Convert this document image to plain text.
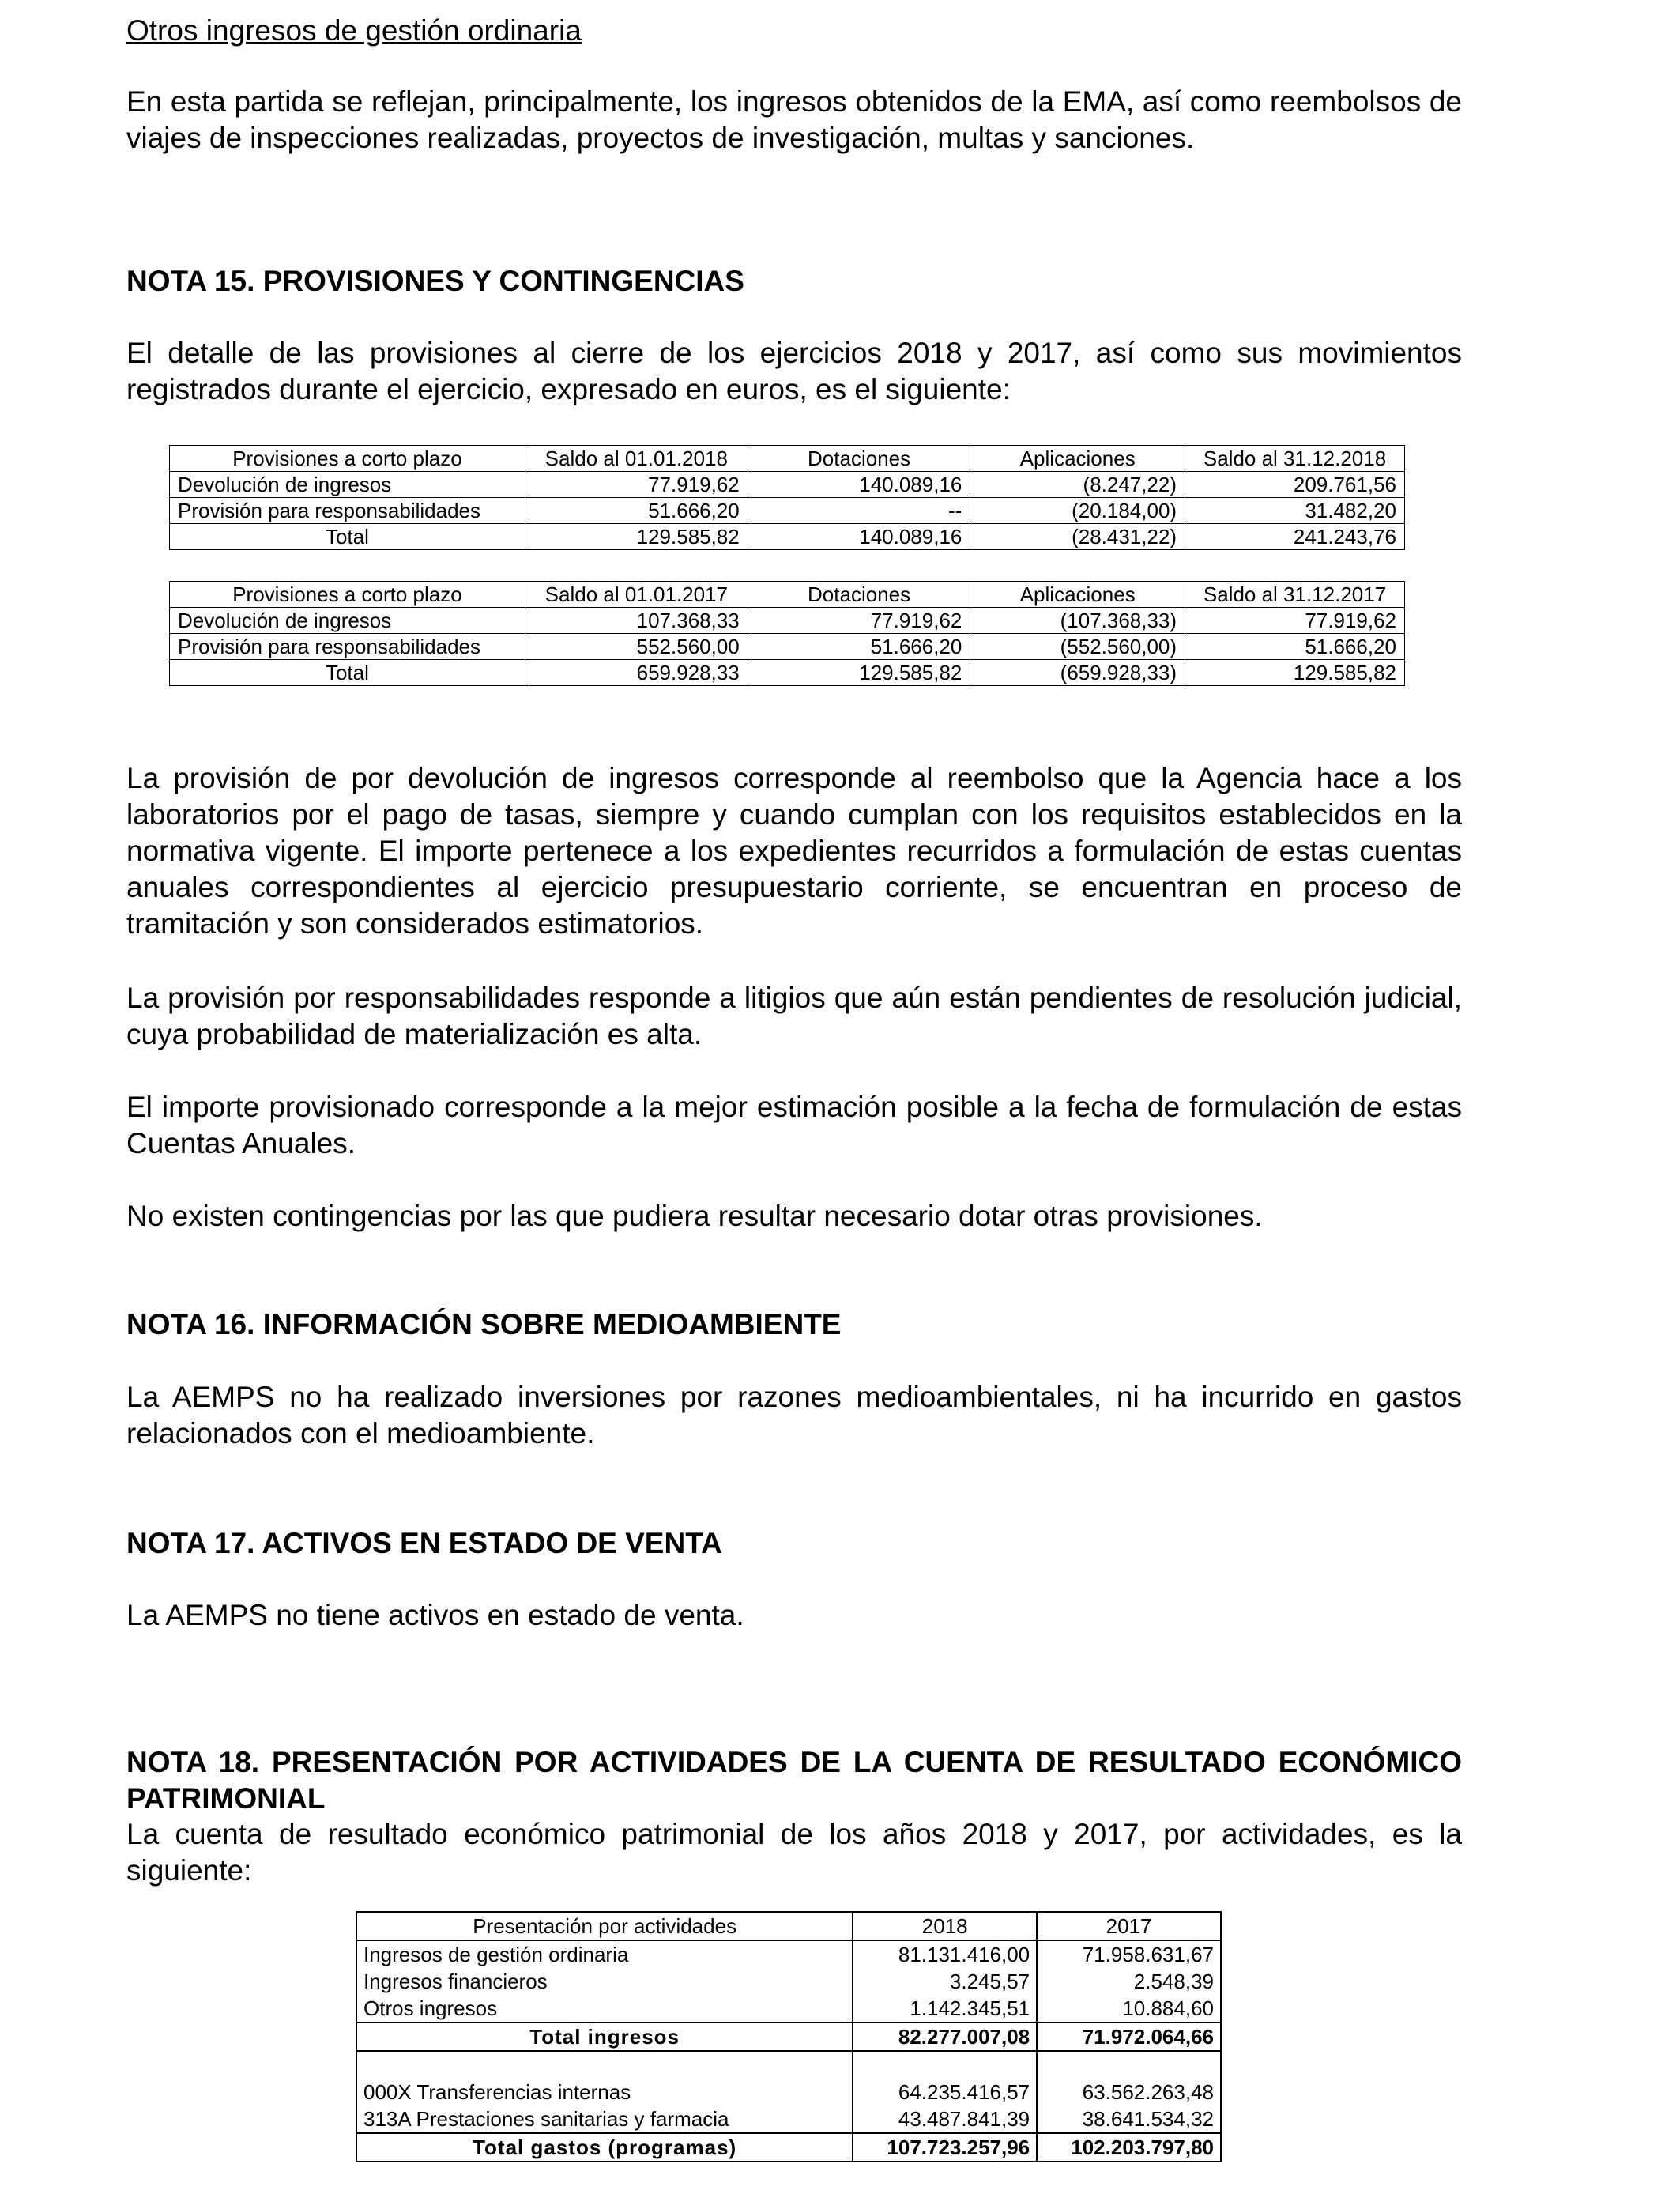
Otros ingresos de gestión ordinaria

En esta partida se reflejan, principalmente, los ingresos obtenidos de la EMA, así como reembolsos de viajes de inspecciones realizadas, proyectos de investigación, multas y sanciones.

NOTA 15. PROVISIONES Y CONTINGENCIAS

El detalle de las provisiones al cierre de los ejercicios 2018 y 2017, así como sus movimientos registrados durante el ejercicio, expresado en euros, es el siguiente:

La provisión de por devolución de ingresos corresponde al reembolso que la Agencia hace a los laboratorios por el pago de tasas, siempre y cuando cumplan con los requisitos establecidos en la normativa vigente. El importe pertenece a los expedientes recurridos a formulación de estas cuentas anuales correspondientes al ejercicio presupuestario corriente, se encuentran en proceso de tramitación y son considerados estimatorios.

La provisión por responsabilidades responde a litigios que aún están pendientes de resolución judicial, cuya probabilidad de materialización es alta.

El importe provisionado corresponde a la mejor estimación posible a la fecha de formulación de estas Cuentas Anuales.

No existen contingencias por las que pudiera resultar necesario dotar otras provisiones.

NOTA 16. INFORMACIÓN SOBRE MEDIOAMBIENTE

La AEMPS no ha realizado inversiones por razones medioambientales, ni ha incurrido en gastos relacionados con el medioambiente.

NOTA 17. ACTIVOS EN ESTADO DE VENTA

La AEMPS no tiene activos en estado de venta.

NOTA 18. PRESENTACIÓN POR ACTIVIDADES DE LA CUENTA DE RESULTADO ECONÓMICO PATRIMONIAL

La cuenta de resultado económico patrimonial de los años 2018 y 2017, por actividades, es la siguiente:

Provisiones a corto plazo	Saldo al 01.01.2018	Dotaciones	Aplicaciones	Saldo al 31.12.2018
Devolución de ingresos	77.919,62	140.089,16	(8.247,22)	209.761,56
Provisión para responsabilidades	51.666,20	--	(20.184,00)	31.482,20
Total	129.585,82	140.089,16	(28.431,22)	241.243,76
Provisiones a corto plazo	Saldo al 01.01.2017	Dotaciones	Aplicaciones	Saldo al 31.12.2017
Devolución de ingresos	107.368,33	77.919,62	(107.368,33)	77.919,62
Provisión para responsabilidades	552.560,00	51.666,20	(552.560,00)	51.666,20
Total	659.928,33	129.585,82	(659.928,33)	129.585,82
Presentación por actividades	2018	2017
Ingresos de gestión ordinaria	81.131.416,00	71.958.631,67
Ingresos financieros	3.245,57	2.548,39
Otros ingresos	1.142.345,51	10.884,60
Total ingresos	82.277.007,08	71.972.064,66

000X Transferencias internas	64.235.416,57	63.562.263,48
313A Prestaciones sanitarias y farmacia	43.487.841,39	38.641.534,32
Total gastos (programas)	107.723.257,96	102.203.797,80
